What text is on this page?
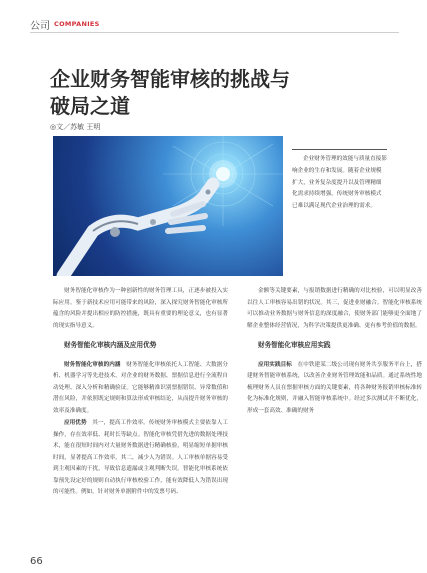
公司 COMPANIES
企业财务智能审核的挑战与
破局之道
◎文／苏敏 王明

企业财务管理的效能与质量直接影响企业的生存和发展。随着企业规模扩大，业务复杂度提升以及管理精细化需求持续增强，传统财务审核模式已难以满足现代企业治理的需求。

财务智能化审核作为一种创新性的财务管理工具，正逐步被投入实际应用。鉴于新技术应用可能带来的风险，深入探究财务智能化审核所蕴含的风险并提出相应的防控措施，既具有重要的理论意义，也有显著的现实指导意义。

财务智能化审核内涵及应用优势

财务智能化审核的内涵　 财务智能化审核依托人工智能、大数据分析、机器学习等先进技术，对企业的财务数据、票据信息进行全流程自动处理、深入分析和精确验证。它能够精准识别票据错误、异常数值和潜在风险，并依照既定规则和算法形成审核结论，从而提升财务审核的效率及准确度。

应用优势　 其一，提高工作效率。传统财务审核模式主要依靠人工操作，存在效率低、耗时长等缺点。智能化审核凭借先进的数据处理技术，能在很短时间内对大量财务数据进行精确核验，明显缩短单据审核时间，显著提高工作效率。其二，减少人为错误。人工审核单据容易受到主观因素的干扰，导致信息遗漏或主观判断失误。智能化审核系统依靠预先设定好的规则自动执行审核校验工作，能有效降低人为错误出现的可能性。例如，针对财务单据附件中的发票号码、

金额等关键要素，与报销数据进行精确的对比校验，可以明显改善以往人工审核容易出错的状况。其三，促进业财融合。智能化审核系统可以推动业务数据与财务信息的深度融合，使财务部门能够更全面地了解企业整体经营情况，为科学决策提供更准确、更有参考价值的数据。

财务智能化审核应用实践

应用实践目标　 在中铁建某二级公司现有财务共享服务平台上，搭建财务智能审核系统，以改善企业财务管理效能和品质。通过系统性地梳理财务人员在票据审核方面的关键要素，将各种财务报销审核标准转化为标准化规则，并融入智能审核系统中。经过多次测试并不断优化，形成一套高效、准确的财务

66
